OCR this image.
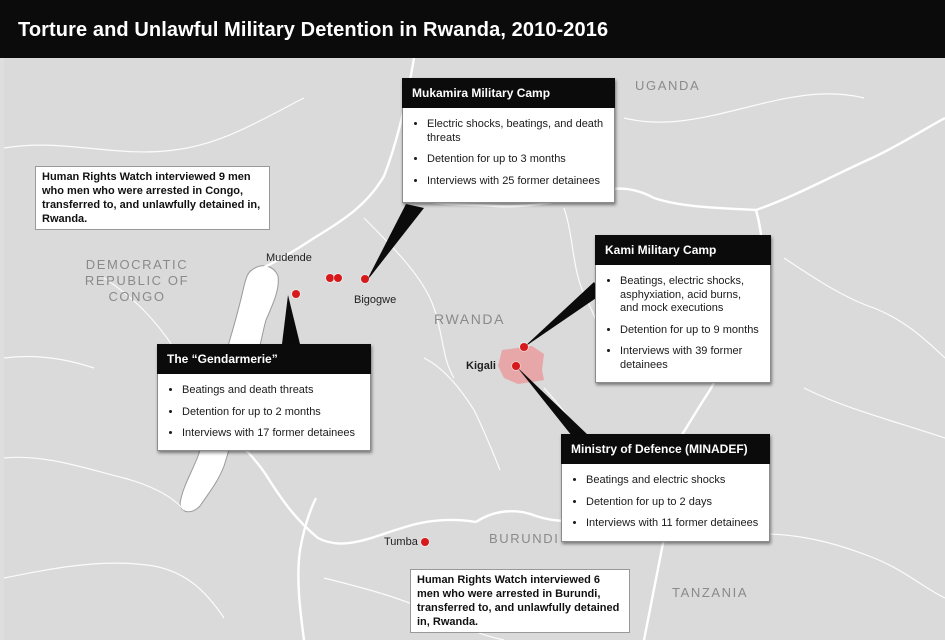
Torture and Unlawful Military Detention in Rwanda, 2010-2016
DEMOCRATIC
REPUBLIC OF
CONGO
UGANDA
RWANDA
BURUNDI
TANZANIA
Mudende
Bigogwe
Kigali
Tumba
Human Rights Watch interviewed 9 men who men who were arrested in Congo, transferred to, and unlawfully detained in, Rwanda.
Human Rights Watch interviewed 6 men who were arrested in Burundi, transferred to, and unlawfully detained in, Rwanda.
Mukamira Military Camp
• Electric shocks, beatings, and death threats
• Detention for up to 3 months
• Interviews with 25 former detainees
Kami Military Camp
• Beatings, electric shocks, asphyxiation, acid burns, and mock executions
• Detention for up to 9 months
• Interviews with 39 former detainees
The “Gendarmerie”
• Beatings and death threats
• Detention for up to 2 months
• Interviews with 17 former detainees
Ministry of Defence (MINADEF)
• Beatings and electric shocks
• Detention for up to 2 days
• Interviews with 11 former detainees
